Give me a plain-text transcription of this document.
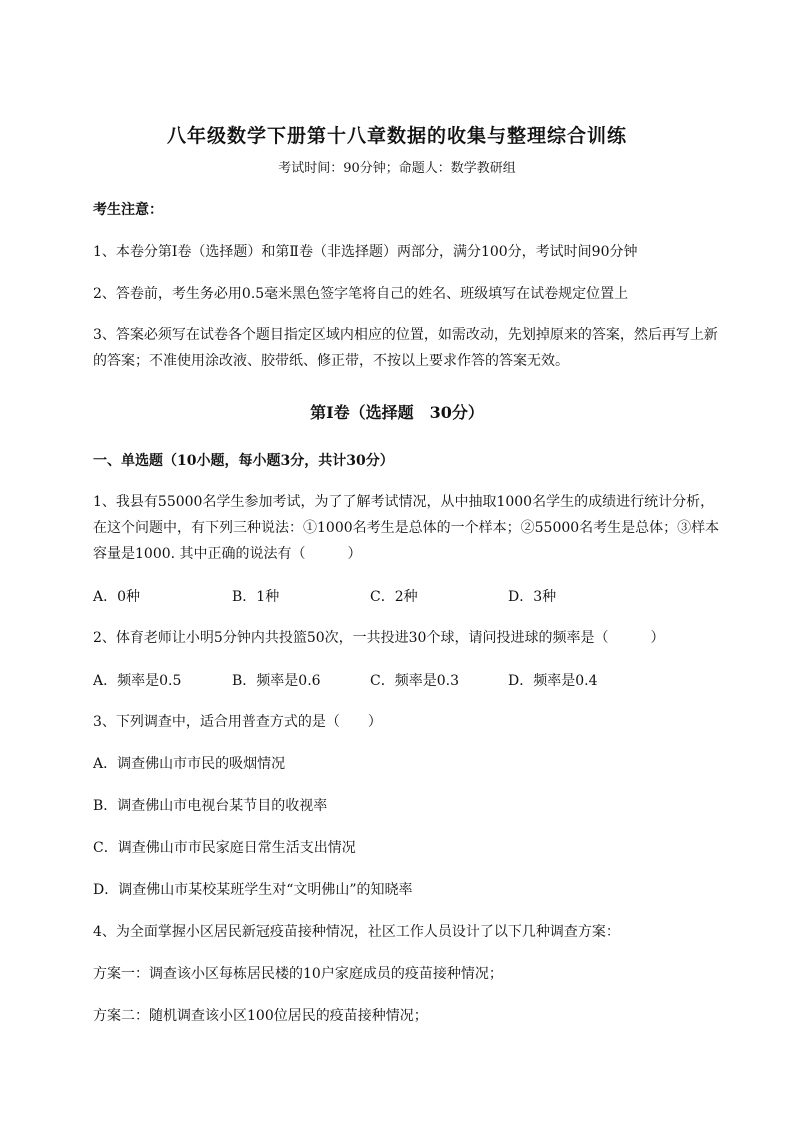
八年级数学下册第十八章数据的收集与整理综合训练
考试时间：90分钟；命题人：数学教研组
考生注意：
1、本卷分第I卷（选择题）和第Ⅱ卷（非选择题）两部分，满分100分，考试时间90分钟
2、答卷前，考生务必用0.5毫米黑色签字笔将自己的姓名、班级填写在试卷规定位置上
3、答案必须写在试卷各个题目指定区域内相应的位置，如需改动，先划掉原来的答案，然后再写上新
的答案；不准使用涂改液、胶带纸、修正带，不按以上要求作答的答案无效。
第I卷（选择题　30分）
一、单选题（10小题，每小题3分，共计30分）
1、我县有55000名学生参加考试，为了了解考试情况，从中抽取1000名学生的成绩进行统计分析，
在这个问题中，有下列三种说法：①1000名考生是总体的一个样本；②55000名考生是总体；③样本
容量是1000. 其中正确的说法有（　　　）
A．0种	B．1种	C．2种	D．3种
2、体育老师让小明5分钟内共投篮50次，一共投进30个球，请问投进球的频率是（　　　）
A．频率是0.5	B．频率是0.6	C．频率是0.3	D．频率是0.4
3、下列调查中，适合用普查方式的是（　　）
A．调查佛山市市民的吸烟情况
B．调查佛山市电视台某节目的收视率
C．调查佛山市市民家庭日常生活支出情况
D．调查佛山市某校某班学生对“文明佛山”的知晓率
4、为全面掌握小区居民新冠疫苗接种情况，社区工作人员设计了以下几种调查方案：
方案一：调查该小区每栋居民楼的10户家庭成员的疫苗接种情况；
方案二：随机调查该小区100位居民的疫苗接种情况；
